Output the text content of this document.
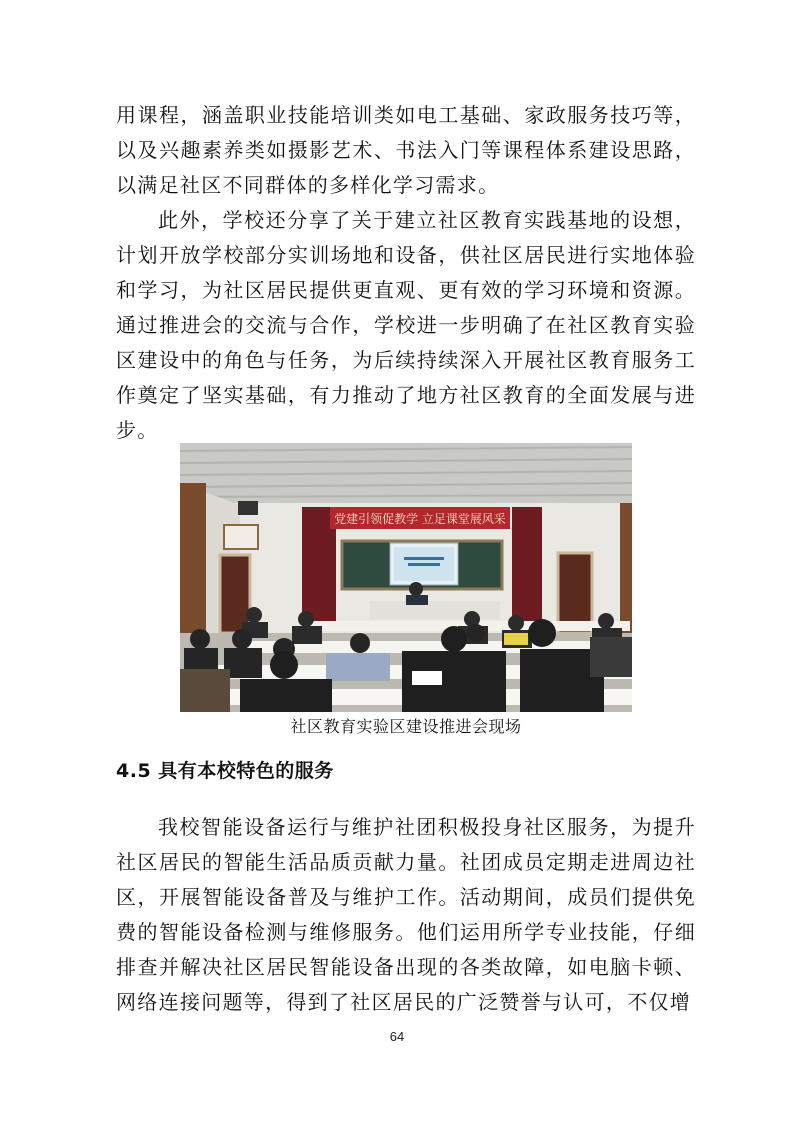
用课程，涵盖职业技能培训类如电工基础、家政服务技巧等，以及兴趣素养类如摄影艺术、书法入门等课程体系建设思路，以满足社区不同群体的多样化学习需求。

此外，学校还分享了关于建立社区教育实践基地的设想，计划开放学校部分实训场地和设备，供社区居民进行实地体验和学习，为社区居民提供更直观、更有效的学习环境和资源。通过推进会的交流与合作，学校进一步明确了在社区教育实验区建设中的角色与任务，为后续持续深入开展社区教育服务工作奠定了坚实基础，有力推动了地方社区教育的全面发展与进步。

党建引领促教学 立足课堂展风采
社区教育实验区建设推进会现场
4.5 具有本校特色的服务

我校智能设备运行与维护社团积极投身社区服务，为提升社区居民的智能生活品质贡献力量。社团成员定期走进周边社区，开展智能设备普及与维护工作。活动期间，成员们提供免费的智能设备检测与维修服务。他们运用所学专业技能，仔细排查并解决社区居民智能设备出现的各类故障，如电脑卡顿、网络连接问题等，得到了社区居民的广泛赞誉与认可，不仅增

64
